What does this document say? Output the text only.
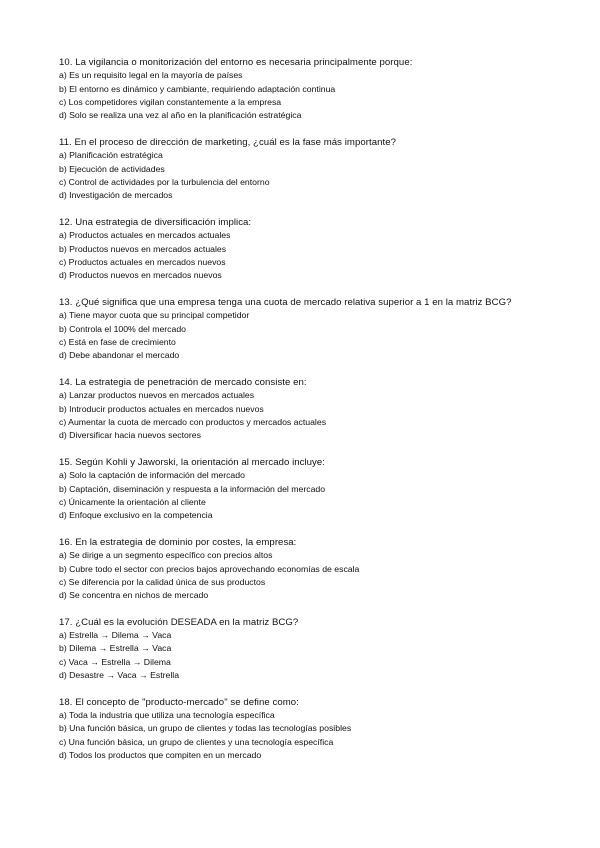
10. La vigilancia o monitorización del entorno es necesaria principalmente porque:

a) Es un requisito legal en la mayoría de países
b) El entorno es dinámico y cambiante, requiriendo adaptación continua
c) Los competidores vigilan constantemente a la empresa
d) Solo se realiza una vez al año en la planificación estratégica

11. En el proceso de dirección de marketing, ¿cuál es la fase más importante?

a) Planificación estratégica
b) Ejecución de actividades
c) Control de actividades por la turbulencia del entorno
d) Investigación de mercados

12. Una estrategia de diversificación implica:

a) Productos actuales en mercados actuales
b) Productos nuevos en mercados actuales
c) Productos actuales en mercados nuevos
d) Productos nuevos en mercados nuevos

13. ¿Qué significa que una empresa tenga una cuota de mercado relativa superior a 1 en la matriz BCG?

a) Tiene mayor cuota que su principal competidor
b) Controla el 100% del mercado
c) Está en fase de crecimiento
d) Debe abandonar el mercado

14. La estrategia de penetración de mercado consiste en:

a) Lanzar productos nuevos en mercados actuales
b) Introducir productos actuales en mercados nuevos
c) Aumentar la cuota de mercado con productos y mercados actuales
d) Diversificar hacia nuevos sectores

15. Según Kohli y Jaworski, la orientación al mercado incluye:

a) Solo la captación de información del mercado
b) Captación, diseminación y respuesta a la información del mercado
c) Únicamente la orientación al cliente
d) Enfoque exclusivo en la competencia

16. En la estrategia de dominio por costes, la empresa:

a) Se dirige a un segmento específico con precios altos
b) Cubre todo el sector con precios bajos aprovechando economías de escala
c) Se diferencia por la calidad única de sus productos
d) Se concentra en nichos de mercado

17. ¿Cuál es la evolución DESEADA en la matriz BCG?

a) Estrella → Dilema → Vaca
b) Dilema → Estrella → Vaca
c) Vaca → Estrella → Dilema
d) Desastre → Vaca → Estrella

18. El concepto de "producto-mercado" se define como:

a) Toda la industria que utiliza una tecnología específica
b) Una función básica, un grupo de clientes y todas las tecnologías posibles
c) Una función básica, un grupo de clientes y una tecnología específica
d) Todos los productos que compiten en un mercado
